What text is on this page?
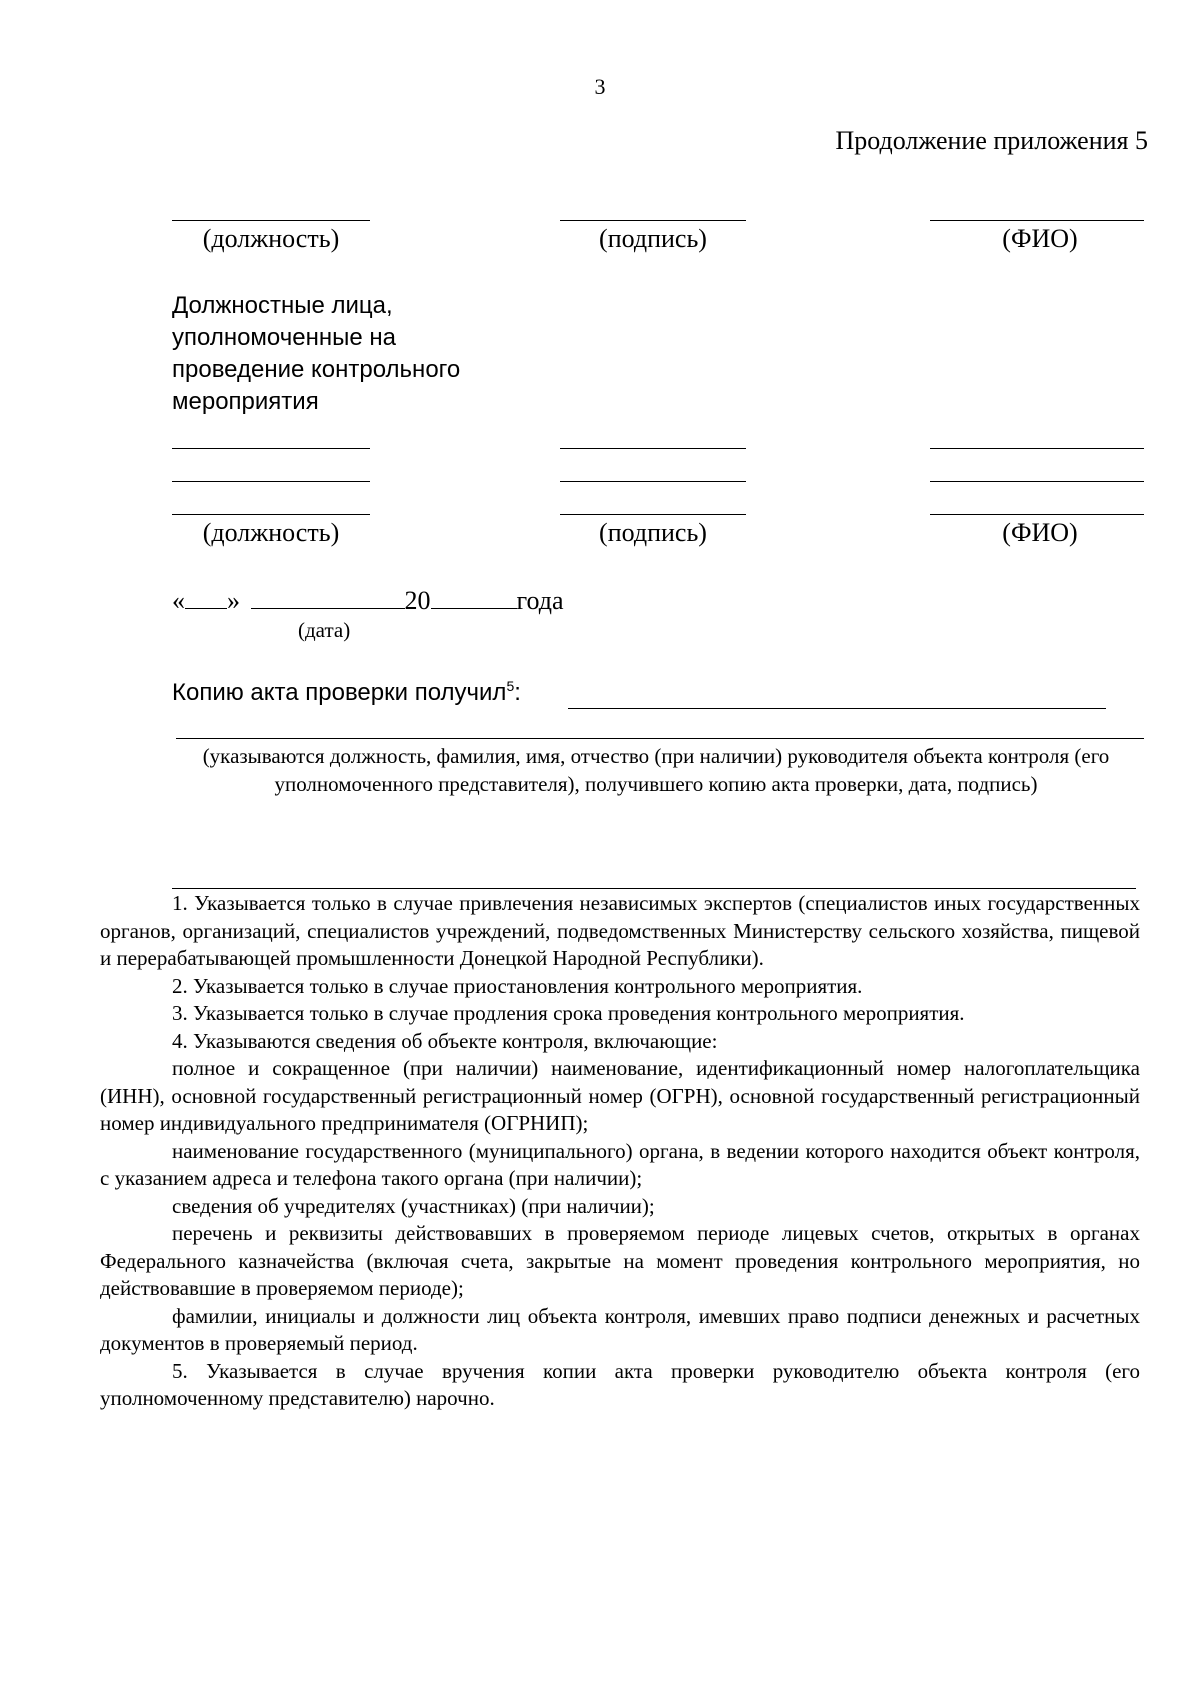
3
Продолжение приложения 5
(должность)	(подпись)	(ФИО)
Должностные лица, уполномоченные на проведение контрольного мероприятия
(должность)	(подпись)	(ФИО)
« »	20	года
(дата)
Копию акта проверки получил$^5$:
(указываются должность, фамилия, имя, отчество (при наличии) руководителя объекта контроля (его уполномоченного представителя), получившего копию акта проверки, дата, подпись)

1. Указывается только в случае привлечения независимых экспертов (специалистов иных государственных органов, организаций, специалистов учреждений, подведомственных Министерству сельского хозяйства, пищевой и перерабатывающей промышленности Донецкой Народной Республики).

2. Указывается только в случае приостановления контрольного мероприятия.

3. Указывается только в случае продления срока проведения контрольного мероприятия.

4. Указываются сведения об объекте контроля, включающие:

полное и сокращенное (при наличии) наименование, идентификационный номер налогоплательщика (ИНН), основной государственный регистрационный номер (ОГРН), основной государственный регистрационный номер индивидуального предпринимателя (ОГРНИП);

наименование государственного (муниципального) органа, в ведении которого находится объект контроля, с указанием адреса и телефона такого органа (при наличии);

сведения об учредителях (участниках) (при наличии);

перечень и реквизиты действовавших в проверяемом периоде лицевых счетов, открытых в органах Федерального казначейства (включая счета, закрытые на момент проведения контрольного мероприятия, но действовавшие в проверяемом периоде);

фамилии, инициалы и должности лиц объекта контроля, имевших право подписи денежных и расчетных документов в проверяемый период.

5. Указывается в случае вручения копии акта проверки руководителю объекта контроля (его уполномоченному представителю) нарочно.
